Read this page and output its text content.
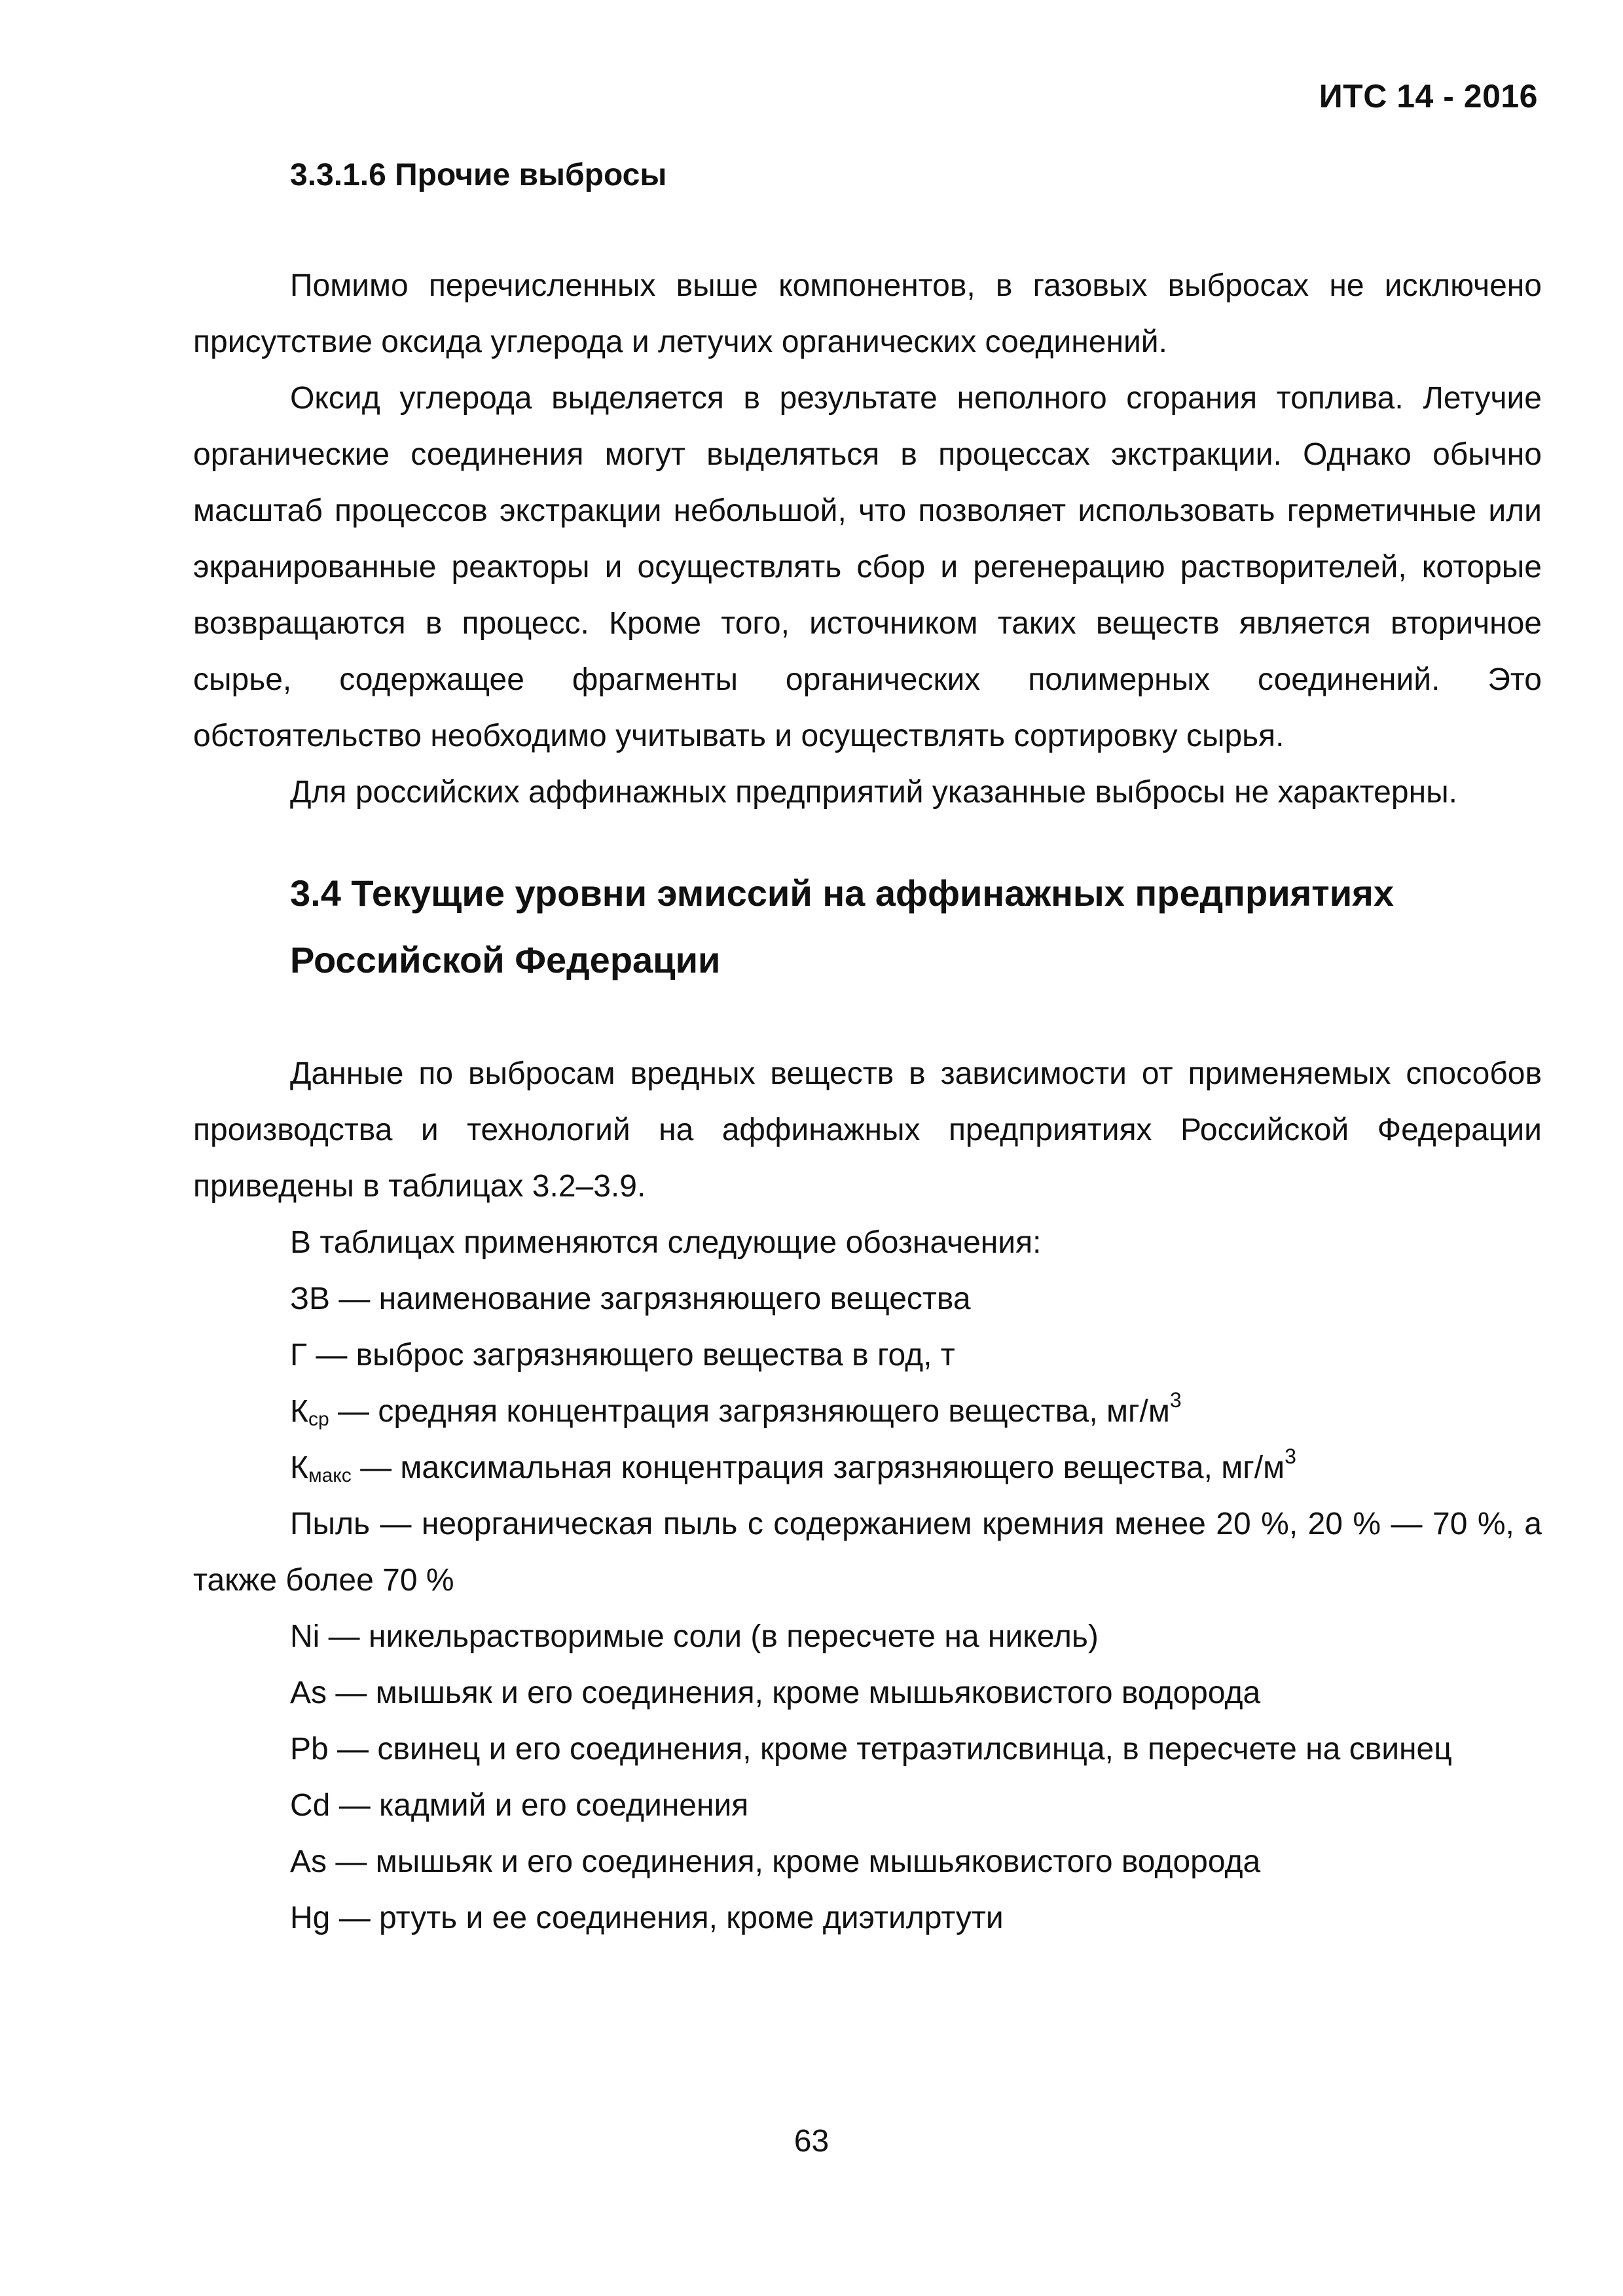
ИТС 14 - 2016
3.3.1.6 Прочие выбросы

Помимо перечисленных выше компонентов, в газовых выбросах не исключено присутствие оксида углерода и летучих органических соединений.

Оксид углерода выделяется в результате неполного сгорания топлива. Летучие органические соединения могут выделяться в процессах экстракции. Однако обычно масштаб процессов экстракции небольшой, что позволяет использовать герметичные или экранированные реакторы и осуществлять сбор и регенерацию растворителей, которые возвращаются в процесс. Кроме того, источником таких веществ является вторичное сырье, содержащее фрагменты органических полимерных соединений. Это обстоятельство необходимо учитывать и осуществлять сортировку сырья.

Для российских аффинажных предприятий указанные выбросы не характерны.

3.4 Текущие уровни эмиссий на аффинажных предприятиях
Российской Федерации

Данные по выбросам вредных веществ в зависимости от применяемых способов производства и технологий на аффинажных предприятиях Российской Федерации приведены в таблицах 3.2–3.9.

В таблицах применяются следующие обозначения:

ЗВ — наименование загрязняющего вещества

Г — выброс загрязняющего вещества в год, т

$К_{ср}$ — средняя концентрация загрязняющего вещества, $мг/м^3$

$К_{макс}$ — максимальная концентрация загрязняющего вещества, $мг/м^3$

Пыль — неорганическая пыль с содержанием кремния менее 20 %, 20 % — 70 %, а также более 70 %

Ni — никельрастворимые соли (в пересчете на никель)

As — мышьяк и его соединения, кроме мышьяковистого водорода

Pb — свинец и его соединения, кроме тетраэтилсвинца, в пересчете на свинец

Cd — кадмий и его соединения

As — мышьяк и его соединения, кроме мышьяковистого водорода

Hg — ртуть и ее соединения, кроме диэтилртути

63
